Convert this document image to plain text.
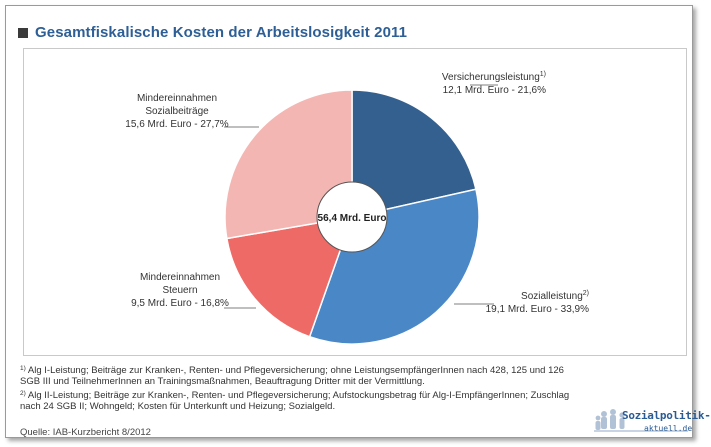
Gesamtfiskalische Kosten der Arbeitslosigkeit 2011
Versicherungsleistung$^{1)}$
12,1 Mrd. Euro - 21,6%
Sozialleistung$^{2)}$
19,1 Mrd. Euro - 33,9%
Mindereinnahmen
Steuern
9,5 Mrd. Euro - 16,8%
Mindereinnahmen
Sozialbeiträge
15,6 Mrd. Euro - 27,7%
56,4 Mrd. Euro

$^{1)}$ Alg I-Leistung; Beiträge zur Kranken-, Renten- und Pflegeversicherung; ohne LeistungsempfängerInnen nach 428, 125 und 126 SGB III und TeilnehmerInnen an Trainingsmaßnahmen, Beauftragung Dritter mit der Vermittlung.

$^{2)}$ Alg II-Leistung; Beiträge zur Kranken-, Renten- und Pflegeversicherung; Aufstockungsbetrag für Alg-I-EmpfängerInnen; Zuschlag nach 24 SGB II; Wohngeld; Kosten für Unterkunft und Heizung; Sozialgeld.

Quelle: IAB-Kurzbericht 8/2012
Sozialpolitik-
aktuell.de
